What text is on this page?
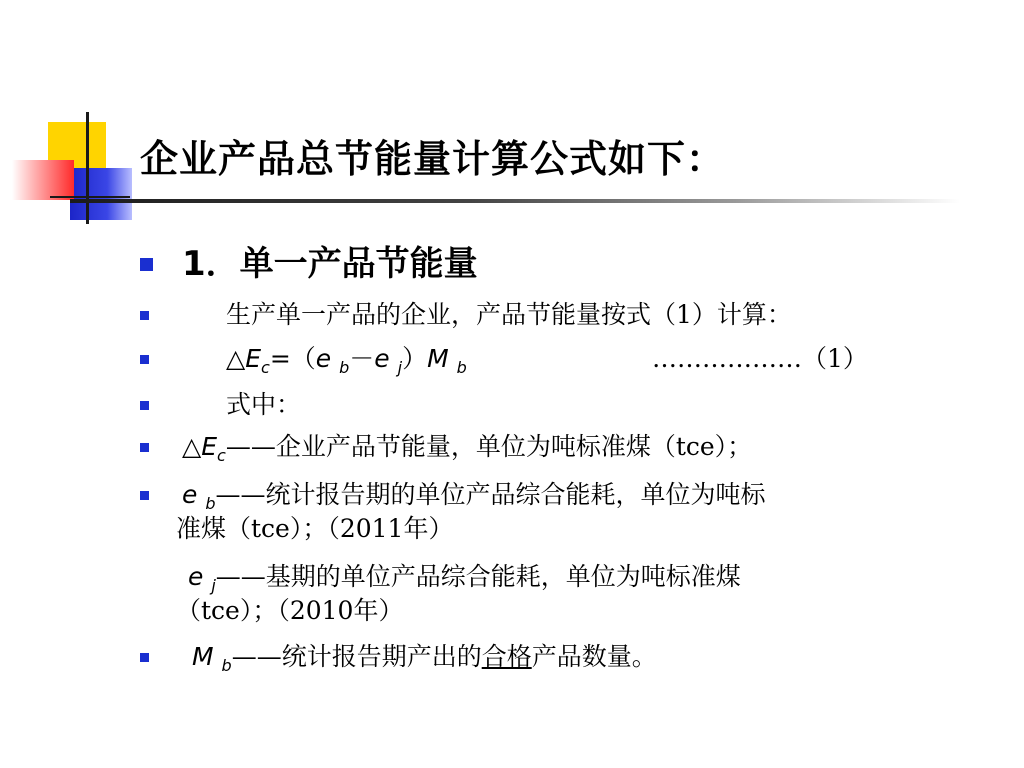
企业产品总节能量计算公式如下：
1．单一产品节能量
生产单一产品的企业，产品节能量按式（1）计算：
$\triangle E_c=(e$ $_b$－e $_j$）M $_b$	………………（1）
式中：
$\triangle E_c——$企业产品节能量，单位为吨标准煤（tce）；
e $_b$——统计报告期的单位产品综合能耗，单位为吨标
准煤（tce）；（2011年）
e $_j$——基期的单位产品综合能耗，单位为吨标准煤
（tce）；（2010年）
M $_b$——统计报告期产出的合格产品数量。
